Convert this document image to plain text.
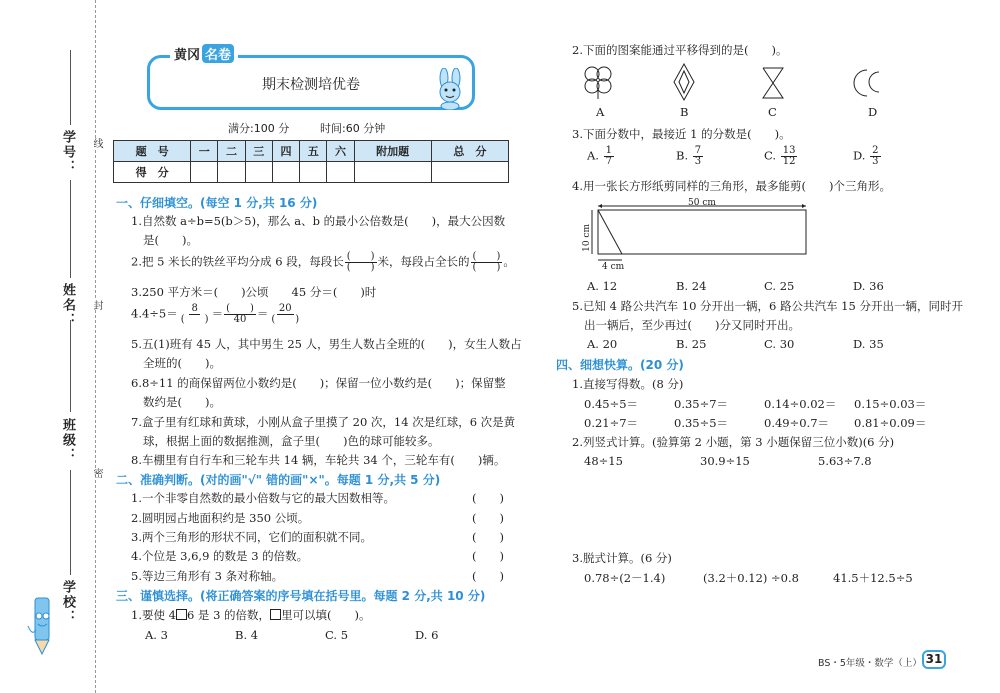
线
封
密
学号：
姓名：
班级：
学校：
黄冈 名卷
期末检测培优卷
满分:100 分	时间:60 分钟
题　号	一	二	三	四	五	六	附加题	总　分
得　分								
一、仔细填空。(每空 1 分,共 16 分)
1.自然数 a÷b=5(b＞5)，那么 a、b 的最小公倍数是(　　)，最大公因数
是(　　)。
2.把 5 米长的铁丝平均分成 6 段，每段长 $\frac{( )}{( )}$ 米，每段占全长的 $\frac{( )}{( )}$ 。
3.250 平方米＝(　　)公顷　　45 分＝(　　)时
$4.4\div 5= \frac{8}{( )} = \frac{( )}{40} = \frac{20}{( )}$
5.五(1)班有 45 人，其中男生 25 人，男生人数占全班的(　　)，女生人数占
全班的(　　)。
6.8÷11 的商保留两位小数约是(　　)；保留一位小数约是(　　)；保留整
数约是(　　)。
7.盒子里有红球和黄球，小刚从盒子里摸了 20 次，14 次是红球，6 次是黄
球，根据上面的数据推测，盒子里(　　)色的球可能较多。
8.车棚里有自行车和三轮车共 14 辆，车轮共 34 个，三轮车有(　　)辆。
二、准确判断。(对的画"√" 错的画"×"。每题 1 分,共 5 分)
1.一个非零自然数的最小倍数与它的最大因数相等。	(　　)
2.圆明园占地面积约是 350 公顷。	(　　)
3.两个三角形的形状不同，它们的面积就不同。	(　　)
4.个位是 3,6,9 的数是 3 的倍数。	(　　)
5.等边三角形有 3 条对称轴。	(　　)
三、谨慎选择。(将正确答案的序号填在括号里。每题 2 分,共 10 分)
1.要使 4 6 是 3 的倍数， 里可以填(　　)。
A. 3	B. 4	C. 5	D. 6
2.下面的图案能通过平移得到的是(　　)。
A	B	C	D
3.下面分数中，最接近 1 的分数是(　　)。
A. $\frac{1}{7}$	B. $\frac{7}{3}$	C. $\frac{13}{12}$	D. $\frac{2}{3}$
4.用一张长方形纸剪同样的三角形，最多能剪(　　)个三角形。
50 cm
10 cm
4 cm
A. 12	B. 24	C. 25	D. 36
5.已知 4 路公共汽车 10 分开出一辆，6 路公共汽车 15 分开出一辆，同时开
出一辆后，至少再过(　　)分又同时开出。
A. 20	B. 25	C. 30	D. 35
四、细想快算。(20 分)
1.直接写得数。(8 分)
0.45÷5＝	0.35÷7＝	0.14÷0.02＝ 0.15÷0.03＝
0.21÷7＝	0.35÷5＝	0.49÷0.7＝ 0.81÷0.09＝
2.列竖式计算。(验算第 2 小题，第 3 小题保留三位小数)(6 分)
48÷15	30.9÷15	5.63÷7.8
3.脱式计算。(6 分)
0.78÷(2－1.4)	(3.2＋0.12) ÷0.8	41.5＋12.5÷5
BS・5年级・数学（上） 31
